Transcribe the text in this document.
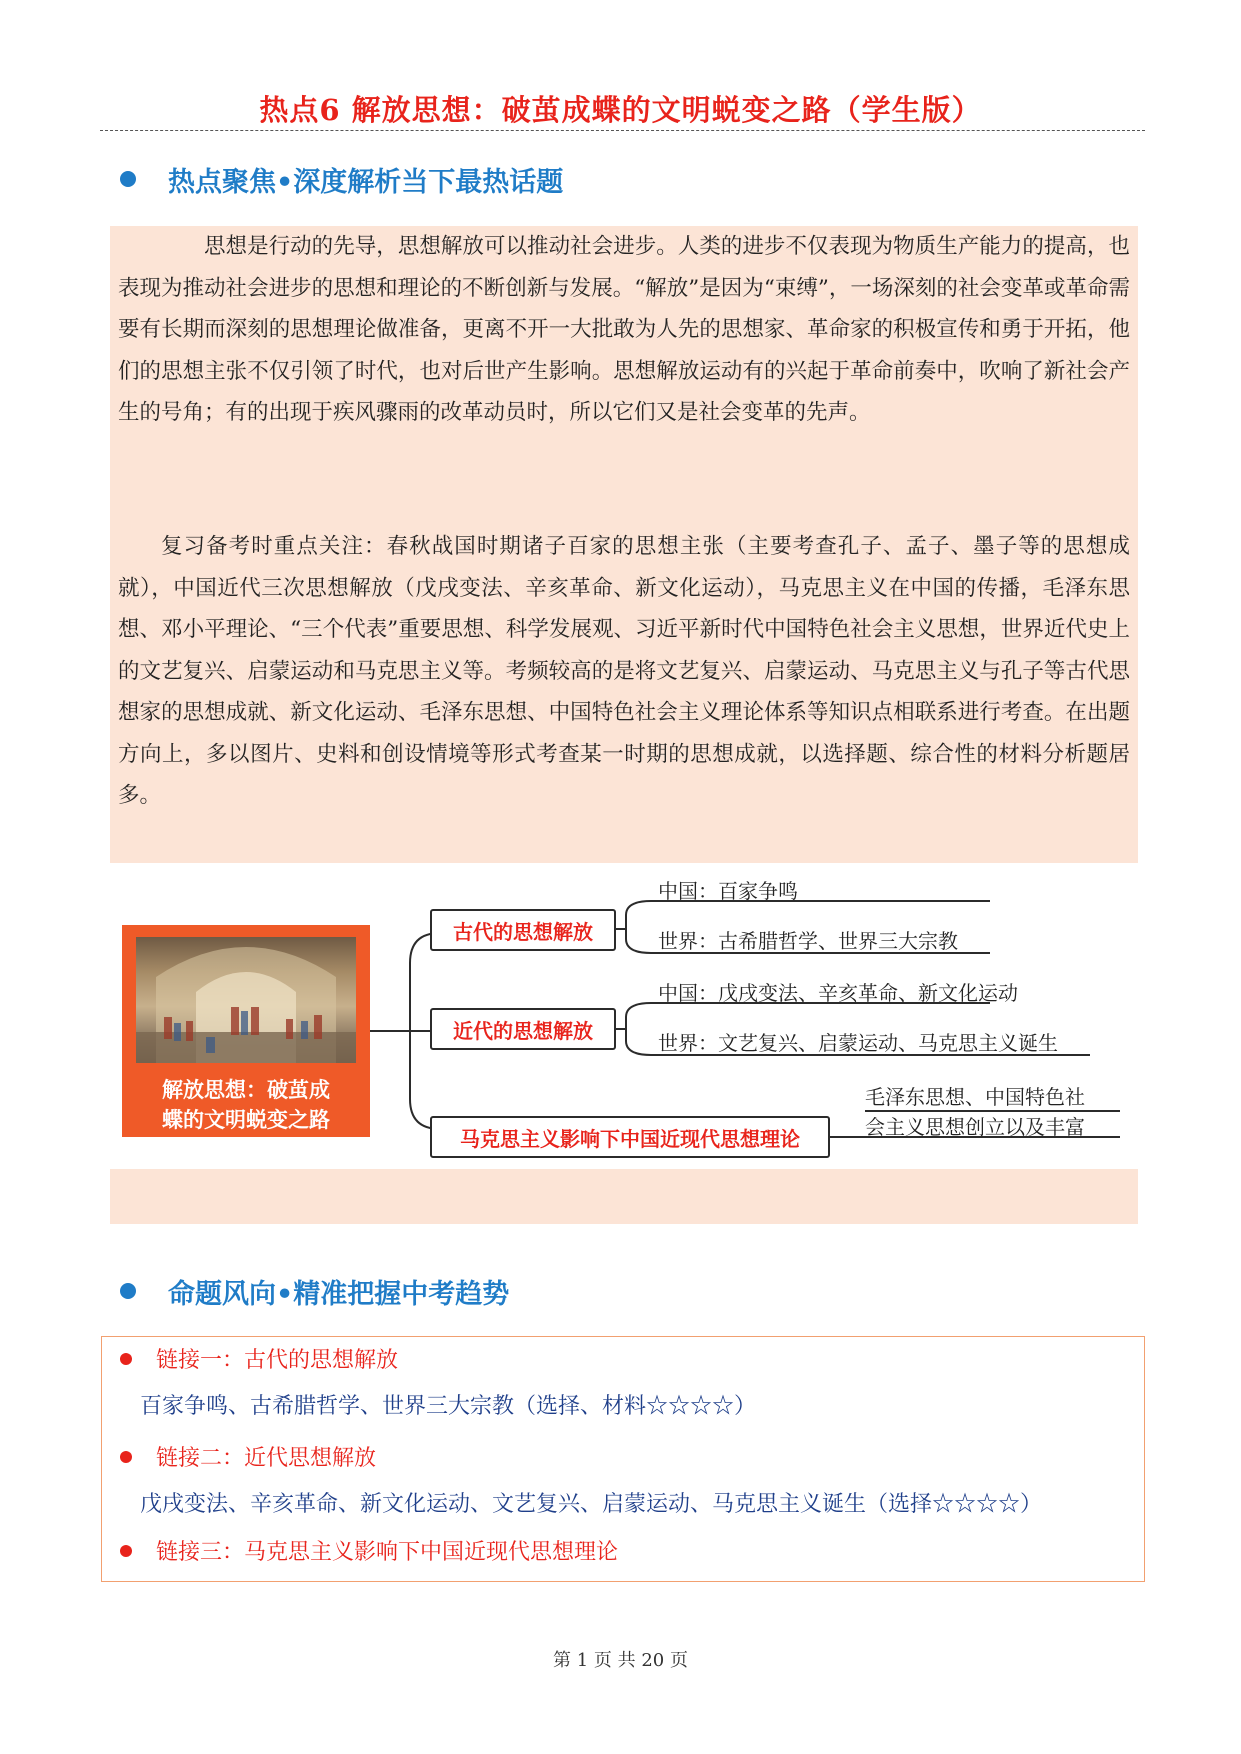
热点6 解放思想：破茧成蝶的文明蜕变之路（学生版）
热点聚焦•深度解析当下最热话题

思想是行动的先导，思想解放可以推动社会进步。人类的进步不仅表现为物质生产能力的提高，也表现为推动社会进步的思想和理论的不断创新与发展。“解放”是因为“束缚”，一场深刻的社会变革或革命需要有长期而深刻的思想理论做准备，更离不开一大批敢为人先的思想家、革命家的积极宣传和勇于开拓，他们的思想主张不仅引领了时代，也对后世产生影响。思想解放运动有的兴起于革命前奏中，吹响了新社会产生的号角；有的出现于疾风骤雨的改革动员时，所以它们又是社会变革的先声。

复习备考时重点关注：春秋战国时期诸子百家的思想主张（主要考查孔子、孟子、墨子等的思想成就），中国近代三次思想解放（戊戌变法、辛亥革命、新文化运动），马克思主义在中国的传播，毛泽东思想、邓小平理论、“三个代表”重要思想、科学发展观、习近平新时代中国特色社会主义思想，世界近代史上的文艺复兴、启蒙运动和马克思主义等。考频较高的是将文艺复兴、启蒙运动、马克思主义与孔子等古代思想家的思想成就、新文化运动、毛泽东思想、中国特色社会主义理论体系等知识点相联系进行考查。在出题方向上，多以图片、史料和创设情境等形式考查某一时期的思想成就，以选择题、综合性的材料分析题居多。

解放思想：破茧成
蝶的文明蜕变之路
古代的思想解放
中国：百家争鸣
世界：古希腊哲学、世界三大宗教
近代的思想解放
中国：戊戌变法、辛亥革命、新文化运动
世界：文艺复兴、启蒙运动、马克思主义诞生
马克思主义影响下中国近现代思想理论
毛泽东思想、中国特色社
会主义思想创立以及丰富
命题风向•精准把握中考趋势
链接一：古代的思想解放
百家争鸣、古希腊哲学、世界三大宗教（选择、材料☆☆☆☆）
链接二：近代思想解放
戊戌变法、辛亥革命、新文化运动、文艺复兴、启蒙运动、马克思主义诞生（选择☆☆☆☆）
链接三：马克思主义影响下中国近现代思想理论
第 1 页 共 20 页
